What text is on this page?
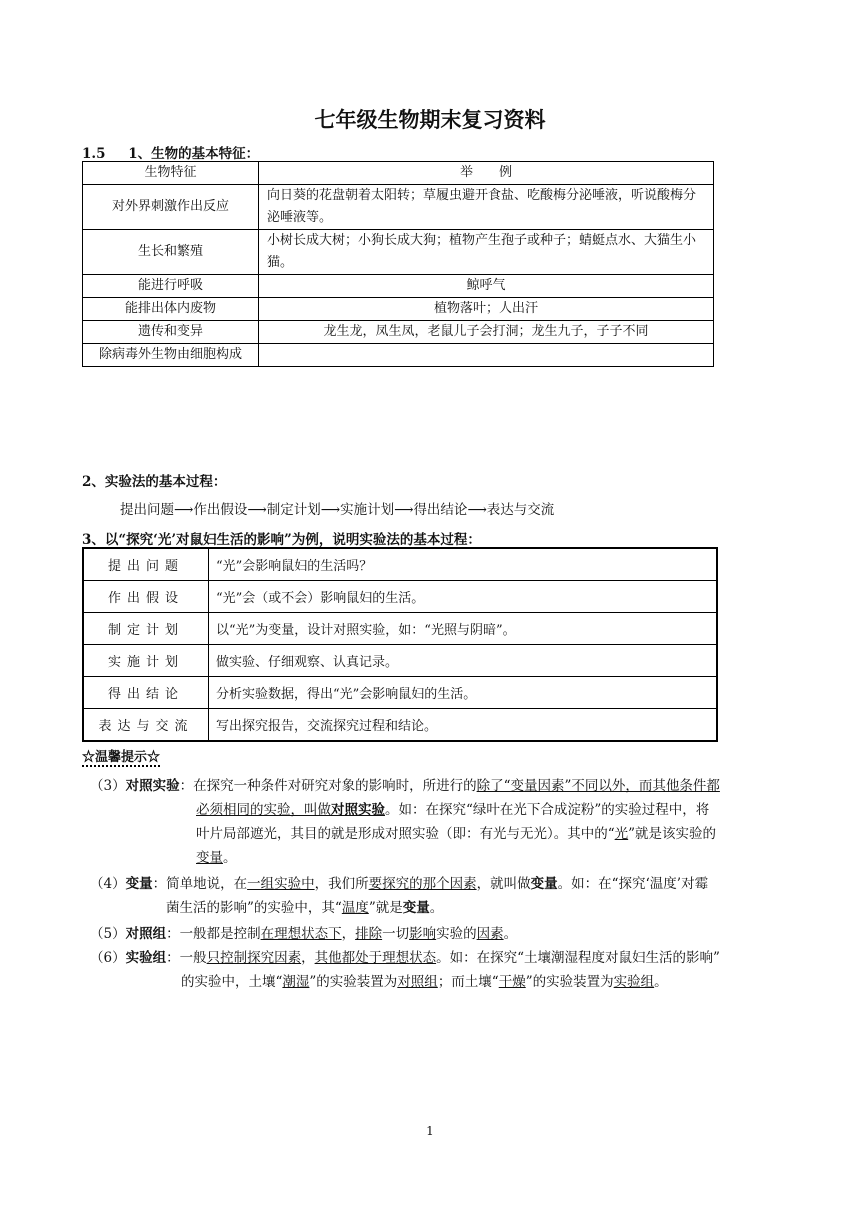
七年级生物期末复习资料
1.5 1、生物的基本特征：
生物特征	举　　例
对外界刺激作出反应	向日葵的花盘朝着太阳转；草履虫避开食盐、吃酸梅分泌唾液，听说酸梅分泌唾液等。
生长和繁殖	小树长成大树；小狗长成大狗；植物产生孢子或种子；蜻蜓点水、大猫生小猫。
能进行呼吸	鲸呼气
能排出体内废物	植物落叶；人出汗
遗传和变异	龙生龙，凤生凤，老鼠儿子会打洞；龙生九子，子子不同
除病毒外生物由细胞构成	
2、实验法的基本过程：
提出问题⟶作出假设⟶制定计划⟶实施计划⟶得出结论⟶表达与交流
3、以“探究‘光’对鼠妇生活的影响”为例，说明实验法的基本过程：
提出问题	“光”会影响鼠妇的生活吗？
作出假设	“光”会（或不会）影响鼠妇的生活。
制定计划	以“光”为变量，设计对照实验，如：“光照与阴暗”。
实施计划	做实验、仔细观察、认真记录。
得出结论	分析实验数据，得出“光”会影响鼠妇的生活。
表达与交流	写出探究报告，交流探究过程和结论。
☆温馨提示☆
（3）对照实验：在探究一种条件对研究对象的影响时，所进行的除了“变量因素”不同以外，而其他条件都
必须相同的实验，叫做对照实验。如：在探究“绿叶在光下合成淀粉”的实验过程中，将
叶片局部遮光，其目的就是形成对照实验（即：有光与无光）。其中的“光”就是该实验的
变量。
（4）变量：简单地说，在一组实验中，我们所要探究的那个因素，就叫做变量。如：在“探究‘温度’对霉
菌生活的影响”的实验中，其“温度”就是变量。
（5）对照组：一般都是控制在理想状态下，排除一切影响实验的因素。
（6）实验组：一般只控制探究因素，其他都处于理想状态。如：在探究“土壤潮湿程度对鼠妇生活的影响”
的实验中，土壤“潮湿”的实验装置为对照组；而土壤“干燥”的实验装置为实验组。
1
